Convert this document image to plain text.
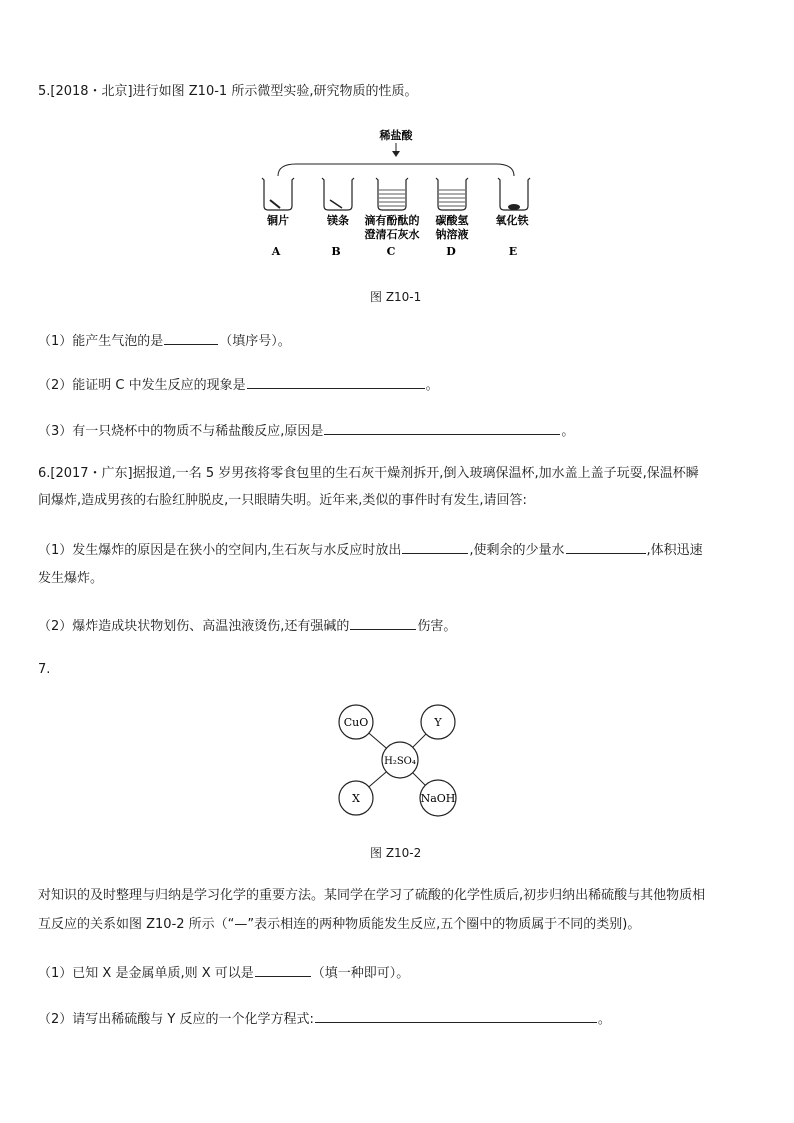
5.[2018・北京]进行如图 Z10-1 所示微型实验,研究物质的性质。
稀盐酸
铜片
A
镁条
B
滴有酚酞的
澄清石灰水
C
碳酸氢
钠溶液
D
氧化铁
E
图 Z10-1
（1）能产生气泡的是	（填序号）。
（2）能证明 C 中发生反应的现象是	。
（3）有一只烧杯中的物质不与稀盐酸反应,原因是	。
6.[2017・广东]据报道,一名 5 岁男孩将零食包里的生石灰干燥剂拆开,倒入玻璃保温杯,加水盖上盖子玩耍,保温杯瞬
间爆炸,造成男孩的右脸红肿脱皮,一只眼睛失明。近年来,类似的事件时有发生,请回答:
（1）发生爆炸的原因是在狭小的空间内,生石灰与水反应时放出	,使剩余的少量水	,体积迅速
发生爆炸。
（2）爆炸造成块状物划伤、高温浊液烫伤,还有强碱的	伤害。
7.
H₂SO₄
CuO	Y
X	NaOH
图 Z10-2
对知识的及时整理与归纳是学习化学的重要方法。某同学在学习了硫酸的化学性质后,初步归纳出稀硫酸与其他物质相
互反应的关系如图 Z10-2 所示（“—”表示相连的两种物质能发生反应,五个圈中的物质属于不同的类别)。
（1）已知 X 是金属单质,则 X 可以是	（填一种即可）。
（2）请写出稀硫酸与 Y 反应的一个化学方程式:	。
